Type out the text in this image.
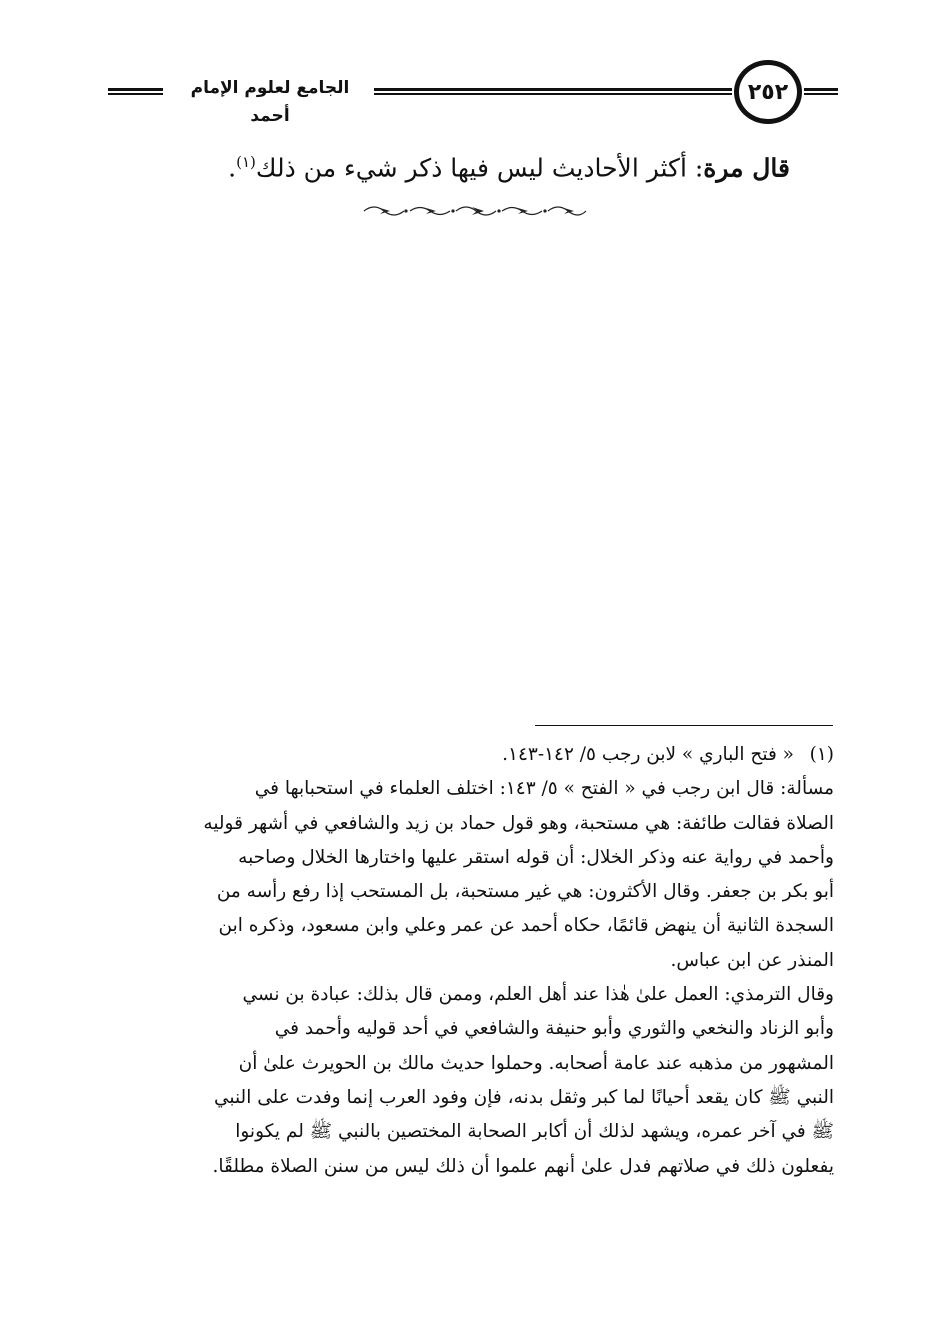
الجامع لعلوم الإمام أحمد
٢٥٢
قال مرة: أكثر الأحاديث ليس فيها ذكر شيء من ذلك$^{(١)}$.
(١)« فتح الباري » لابن رجب ٥/ ١٤٢-١٤٣.
مسألة: قال ابن رجب في « الفتح » ٥/ ١٤٣: اختلف العلماء في استحبابها في
الصلاة فقالت طائفة: هي مستحبة، وهو قول حماد بن زيد والشافعي في أشهر قوليه
وأحمد في رواية عنه وذكر الخلال: أن قوله استقر عليها واختارها الخلال وصاحبه
أبو بكر بن جعفر. وقال الأكثرون: هي غير مستحبة، بل المستحب إذا رفع رأسه من
السجدة الثانية أن ينهض قائمًا، حكاه أحمد عن عمر وعلي وابن مسعود، وذكره ابن
المنذر عن ابن عباس.
وقال الترمذي: العمل علىٰ هٰذا عند أهل العلم، وممن قال بذلك: عبادة بن نسي
وأبو الزناد والنخعي والثوري وأبو حنيفة والشافعي في أحد قوليه وأحمد في
المشهور من مذهبه عند عامة أصحابه. وحملوا حديث مالك بن الحويرث علىٰ أن
النبي ﷺ كان يقعد أحيانًا لما كبر وثقل بدنه، فإن وفود العرب إنما وفدت على النبي
ﷺ في آخر عمره، ويشهد لذلك أن أكابر الصحابة المختصين بالنبي ﷺ لم يكونوا
يفعلون ذلك في صلاتهم فدل علىٰ أنهم علموا أن ذلك ليس من سنن الصلاة مطلقًا.
